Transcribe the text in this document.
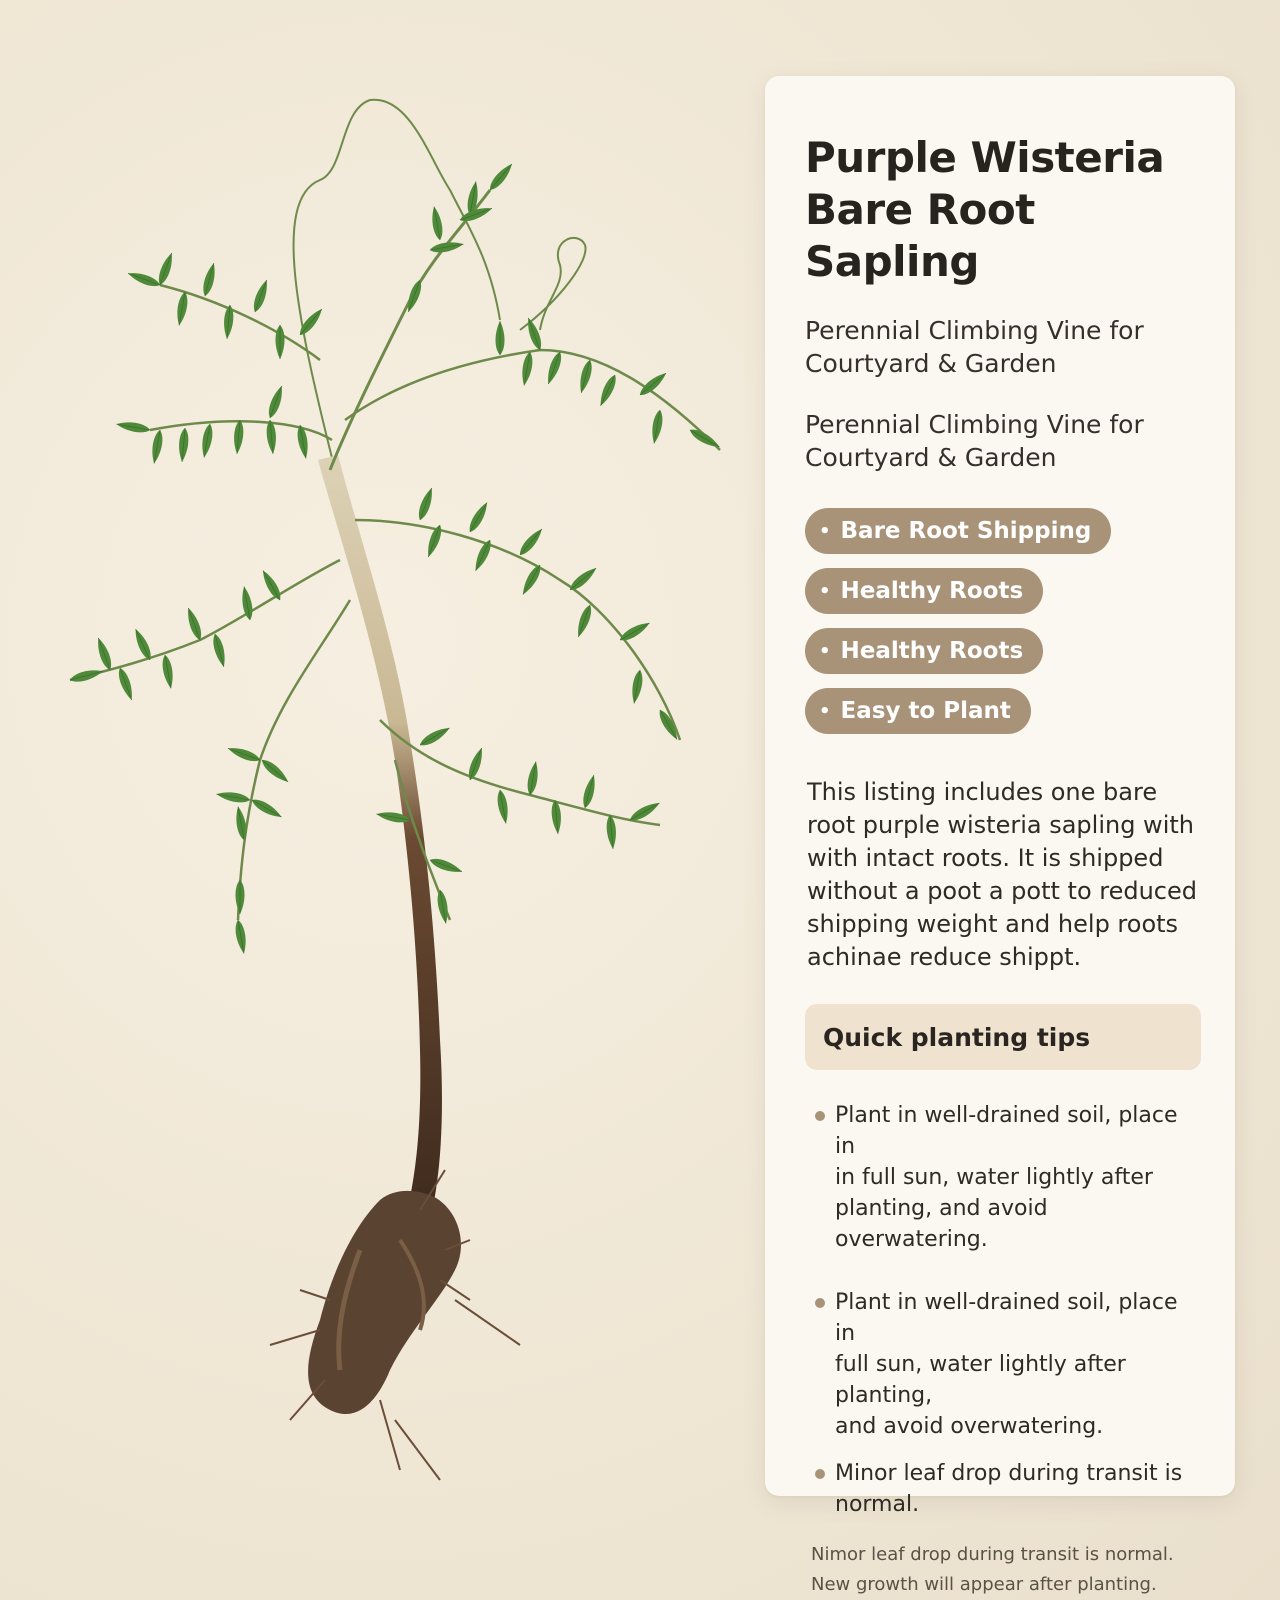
Purple Wisteria
Bare Root Sapling

Perennial Climbing Vine for
Courtyard & Garden

Perennial Climbing Vine for
Courtyard & Garden

• Bare Root Shipping
• Healthy Roots
• Healthy Roots
• Easy to Plant

This listing includes one bare
root purple wisteria sapling with
with intact roots. It is shipped
without a poot a pott to reduced
shipping weight and help roots
achinae reduce shippt.

Quick planting tips
Plant in well-drained soil, place in
in full sun, water lightly after
planting, and avoid overwatering.
Plant in well-drained soil, place in
full sun, water lightly after planting,
and avoid overwatering.
Minor leaf drop during transit is
normal.

Nimor leaf drop during transit is normal.
New growth will appear after planting.
